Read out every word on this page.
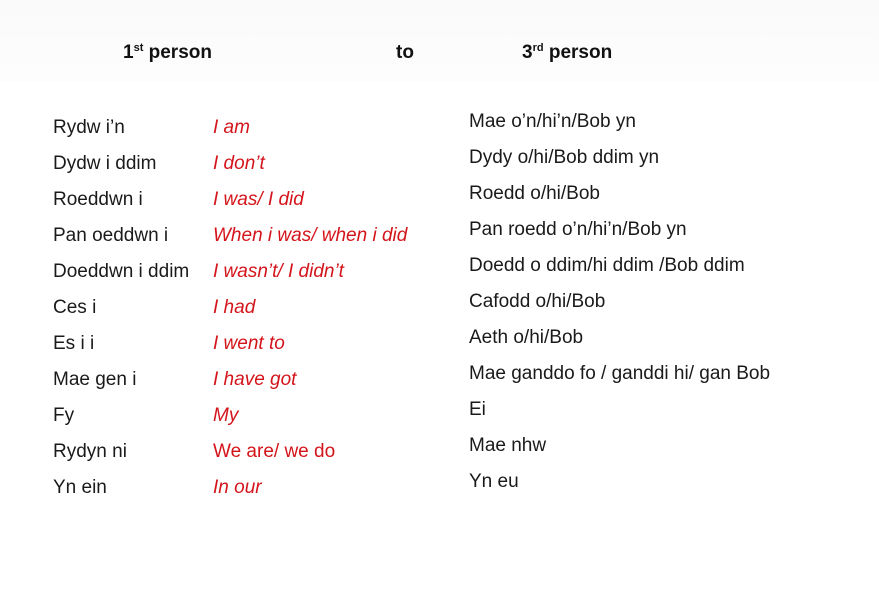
1st person	to	3rd person
Rydw i’n
Dydw i ddim
Roeddwn i
Pan oeddwn i
Doeddwn i ddim
Ces i
Es i i
Mae gen i
Fy
Rydyn ni
Yn ein
I am
I don’t
I was/ I did
When i was/ when i did
I wasn’t/ I didn’t
I had
I went to
I have got
My
We are/ we do
In our
Mae o’n/hi’n/Bob yn
Dydy o/hi/Bob ddim yn
Roedd o/hi/Bob
Pan roedd o’n/hi’n/Bob yn
Doedd o ddim/hi ddim /Bob ddim
Cafodd o/hi/Bob
Aeth o/hi/Bob
Mae ganddo fo / ganddi hi/ gan Bob
Ei
Mae nhw
Yn eu
